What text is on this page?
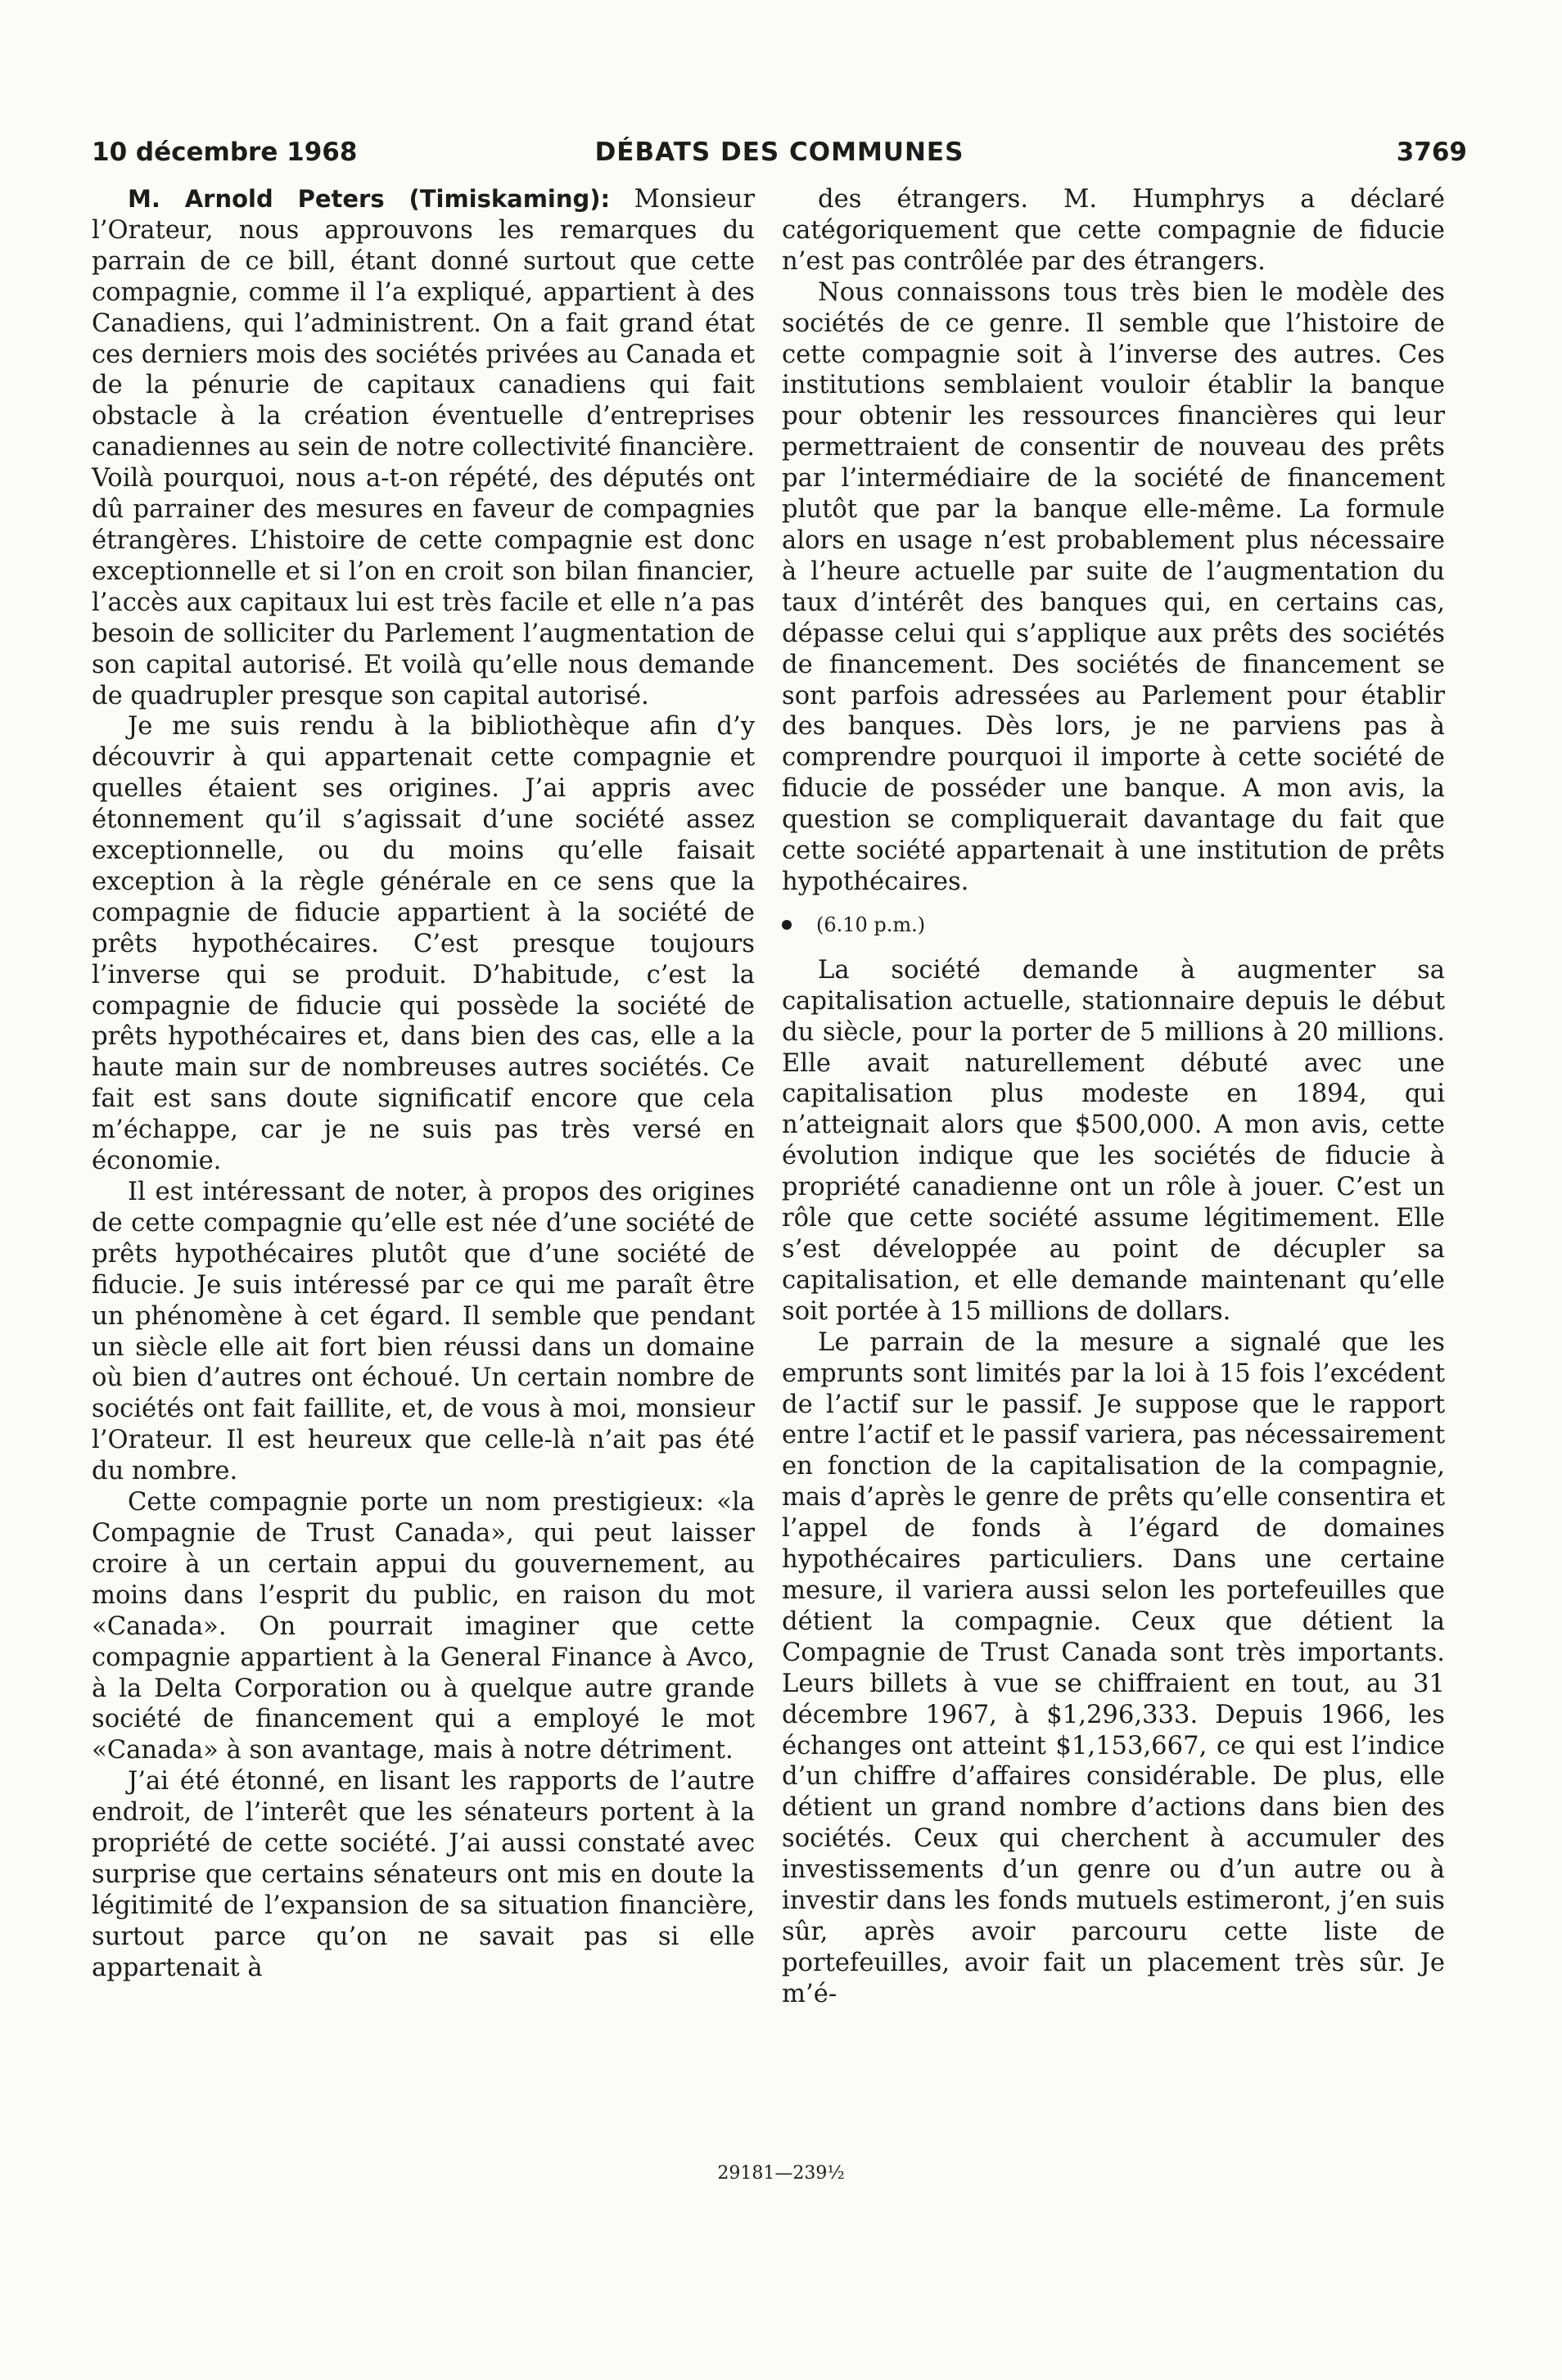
10 décembre 1968	DÉBATS DES COMMUNES	3769

M. Arnold Peters (Timiskaming): Monsieur l’Orateur, nous approuvons les remarques du parrain de ce bill, étant donné surtout que cette compagnie, comme il l’a expliqué, appartient à des Canadiens, qui l’administrent. On a fait grand état ces derniers mois des sociétés privées au Canada et de la pénurie de capitaux canadiens qui fait obstacle à la création éventuelle d’entreprises canadiennes au sein de notre collectivité financière. Voilà pourquoi, nous a-t-on répété, des députés ont dû parrainer des mesures en faveur de compagnies étrangères. L’histoire de cette compagnie est donc exceptionnelle et si l’on en croit son bilan financier, l’accès aux capitaux lui est très facile et elle n’a pas besoin de solliciter du Parlement l’augmentation de son capital autorisé. Et voilà qu’elle nous demande de quadrupler presque son capital autorisé.

Je me suis rendu à la bibliothèque afin d’y découvrir à qui appartenait cette compagnie et quelles étaient ses origines. J’ai appris avec étonnement qu’il s’agissait d’une société assez exceptionnelle, ou du moins qu’elle faisait exception à la règle générale en ce sens que la compagnie de fiducie appartient à la société de prêts hypothécaires. C’est presque toujours l’inverse qui se produit. D’habitude, c’est la compagnie de fiducie qui possède la société de prêts hypothécaires et, dans bien des cas, elle a la haute main sur de nombreuses autres sociétés. Ce fait est sans doute significatif encore que cela m’échappe, car je ne suis pas très versé en économie.

Il est intéressant de noter, à propos des origines de cette compagnie qu’elle est née d’une société de prêts hypothécaires plutôt que d’une société de fiducie. Je suis intéressé par ce qui me paraît être un phénomène à cet égard. Il semble que pendant un siècle elle ait fort bien réussi dans un domaine où bien d’autres ont échoué. Un certain nombre de sociétés ont fait faillite, et, de vous à moi, monsieur l’Orateur. Il est heureux que celle-là n’ait pas été du nombre.

Cette compagnie porte un nom prestigieux: «la Compagnie de Trust Canada», qui peut laisser croire à un certain appui du gouvernement, au moins dans l’esprit du public, en raison du mot «Canada». On pourrait imaginer que cette compagnie appartient à la General Finance à Avco, à la Delta Corporation ou à quelque autre grande société de financement qui a employé le mot «Canada» à son avantage, mais à notre détriment.

J’ai été étonné, en lisant les rapports de l’autre endroit, de l’interêt que les sénateurs portent à la propriété de cette société. J’ai aussi constaté avec surprise que certains sénateurs ont mis en doute la légitimité de l’expansion de sa situation financière, surtout parce qu’on ne savait pas si elle appartenait à

des étrangers. M. Humphrys a déclaré catégoriquement que cette compagnie de fiducie n’est pas contrôlée par des étrangers.

Nous connaissons tous très bien le modèle des sociétés de ce genre. Il semble que l’histoire de cette compagnie soit à l’inverse des autres. Ces institutions semblaient vouloir établir la banque pour obtenir les ressources financières qui leur permettraient de consentir de nouveau des prêts par l’intermédiaire de la société de financement plutôt que par la banque elle-même. La formule alors en usage n’est probablement plus nécessaire à l’heure actuelle par suite de l’augmentation du taux d’intérêt des banques qui, en certains cas, dépasse celui qui s’applique aux prêts des sociétés de financement. Des sociétés de financement se sont parfois adressées au Parlement pour établir des banques. Dès lors, je ne parviens pas à comprendre pourquoi il importe à cette société de fiducie de posséder une banque. A mon avis, la question se compliquerait davantage du fait que cette société appartenait à une institution de prêts hypothécaires.

(6.10 p.m.)

La société demande à augmenter sa capitalisation actuelle, stationnaire depuis le début du siècle, pour la porter de 5 millions à 20 millions. Elle avait naturellement débuté avec une capitalisation plus modeste en 1894, qui n’atteignait alors que $500,000. A mon avis, cette évolution indique que les sociétés de fiducie à propriété canadienne ont un rôle à jouer. C’est un rôle que cette société assume légitimement. Elle s’est développée au point de décupler sa capitalisation, et elle demande maintenant qu’elle soit portée à 15 millions de dollars.

Le parrain de la mesure a signalé que les emprunts sont limités par la loi à 15 fois l’excédent de l’actif sur le passif. Je suppose que le rapport entre l’actif et le passif variera, pas nécessairement en fonction de la capitalisation de la compagnie, mais d’après le genre de prêts qu’elle consentira et l’appel de fonds à l’égard de domaines hypothécaires particuliers. Dans une certaine mesure, il variera aussi selon les portefeuilles que détient la compagnie. Ceux que détient la Compagnie de Trust Canada sont très importants. Leurs billets à vue se chiffraient en tout, au 31 décembre 1967, à $1,296,333. Depuis 1966, les échanges ont atteint $1,153,667, ce qui est l’indice d’un chiffre d’affaires considérable. De plus, elle détient un grand nombre d’actions dans bien des sociétés. Ceux qui cherchent à accumuler des investissements d’un genre ou d’un autre ou à investir dans les fonds mutuels estimeront, j’en suis sûr, après avoir parcouru cette liste de portefeuilles, avoir fait un placement très sûr. Je m’é-

29181—239½
